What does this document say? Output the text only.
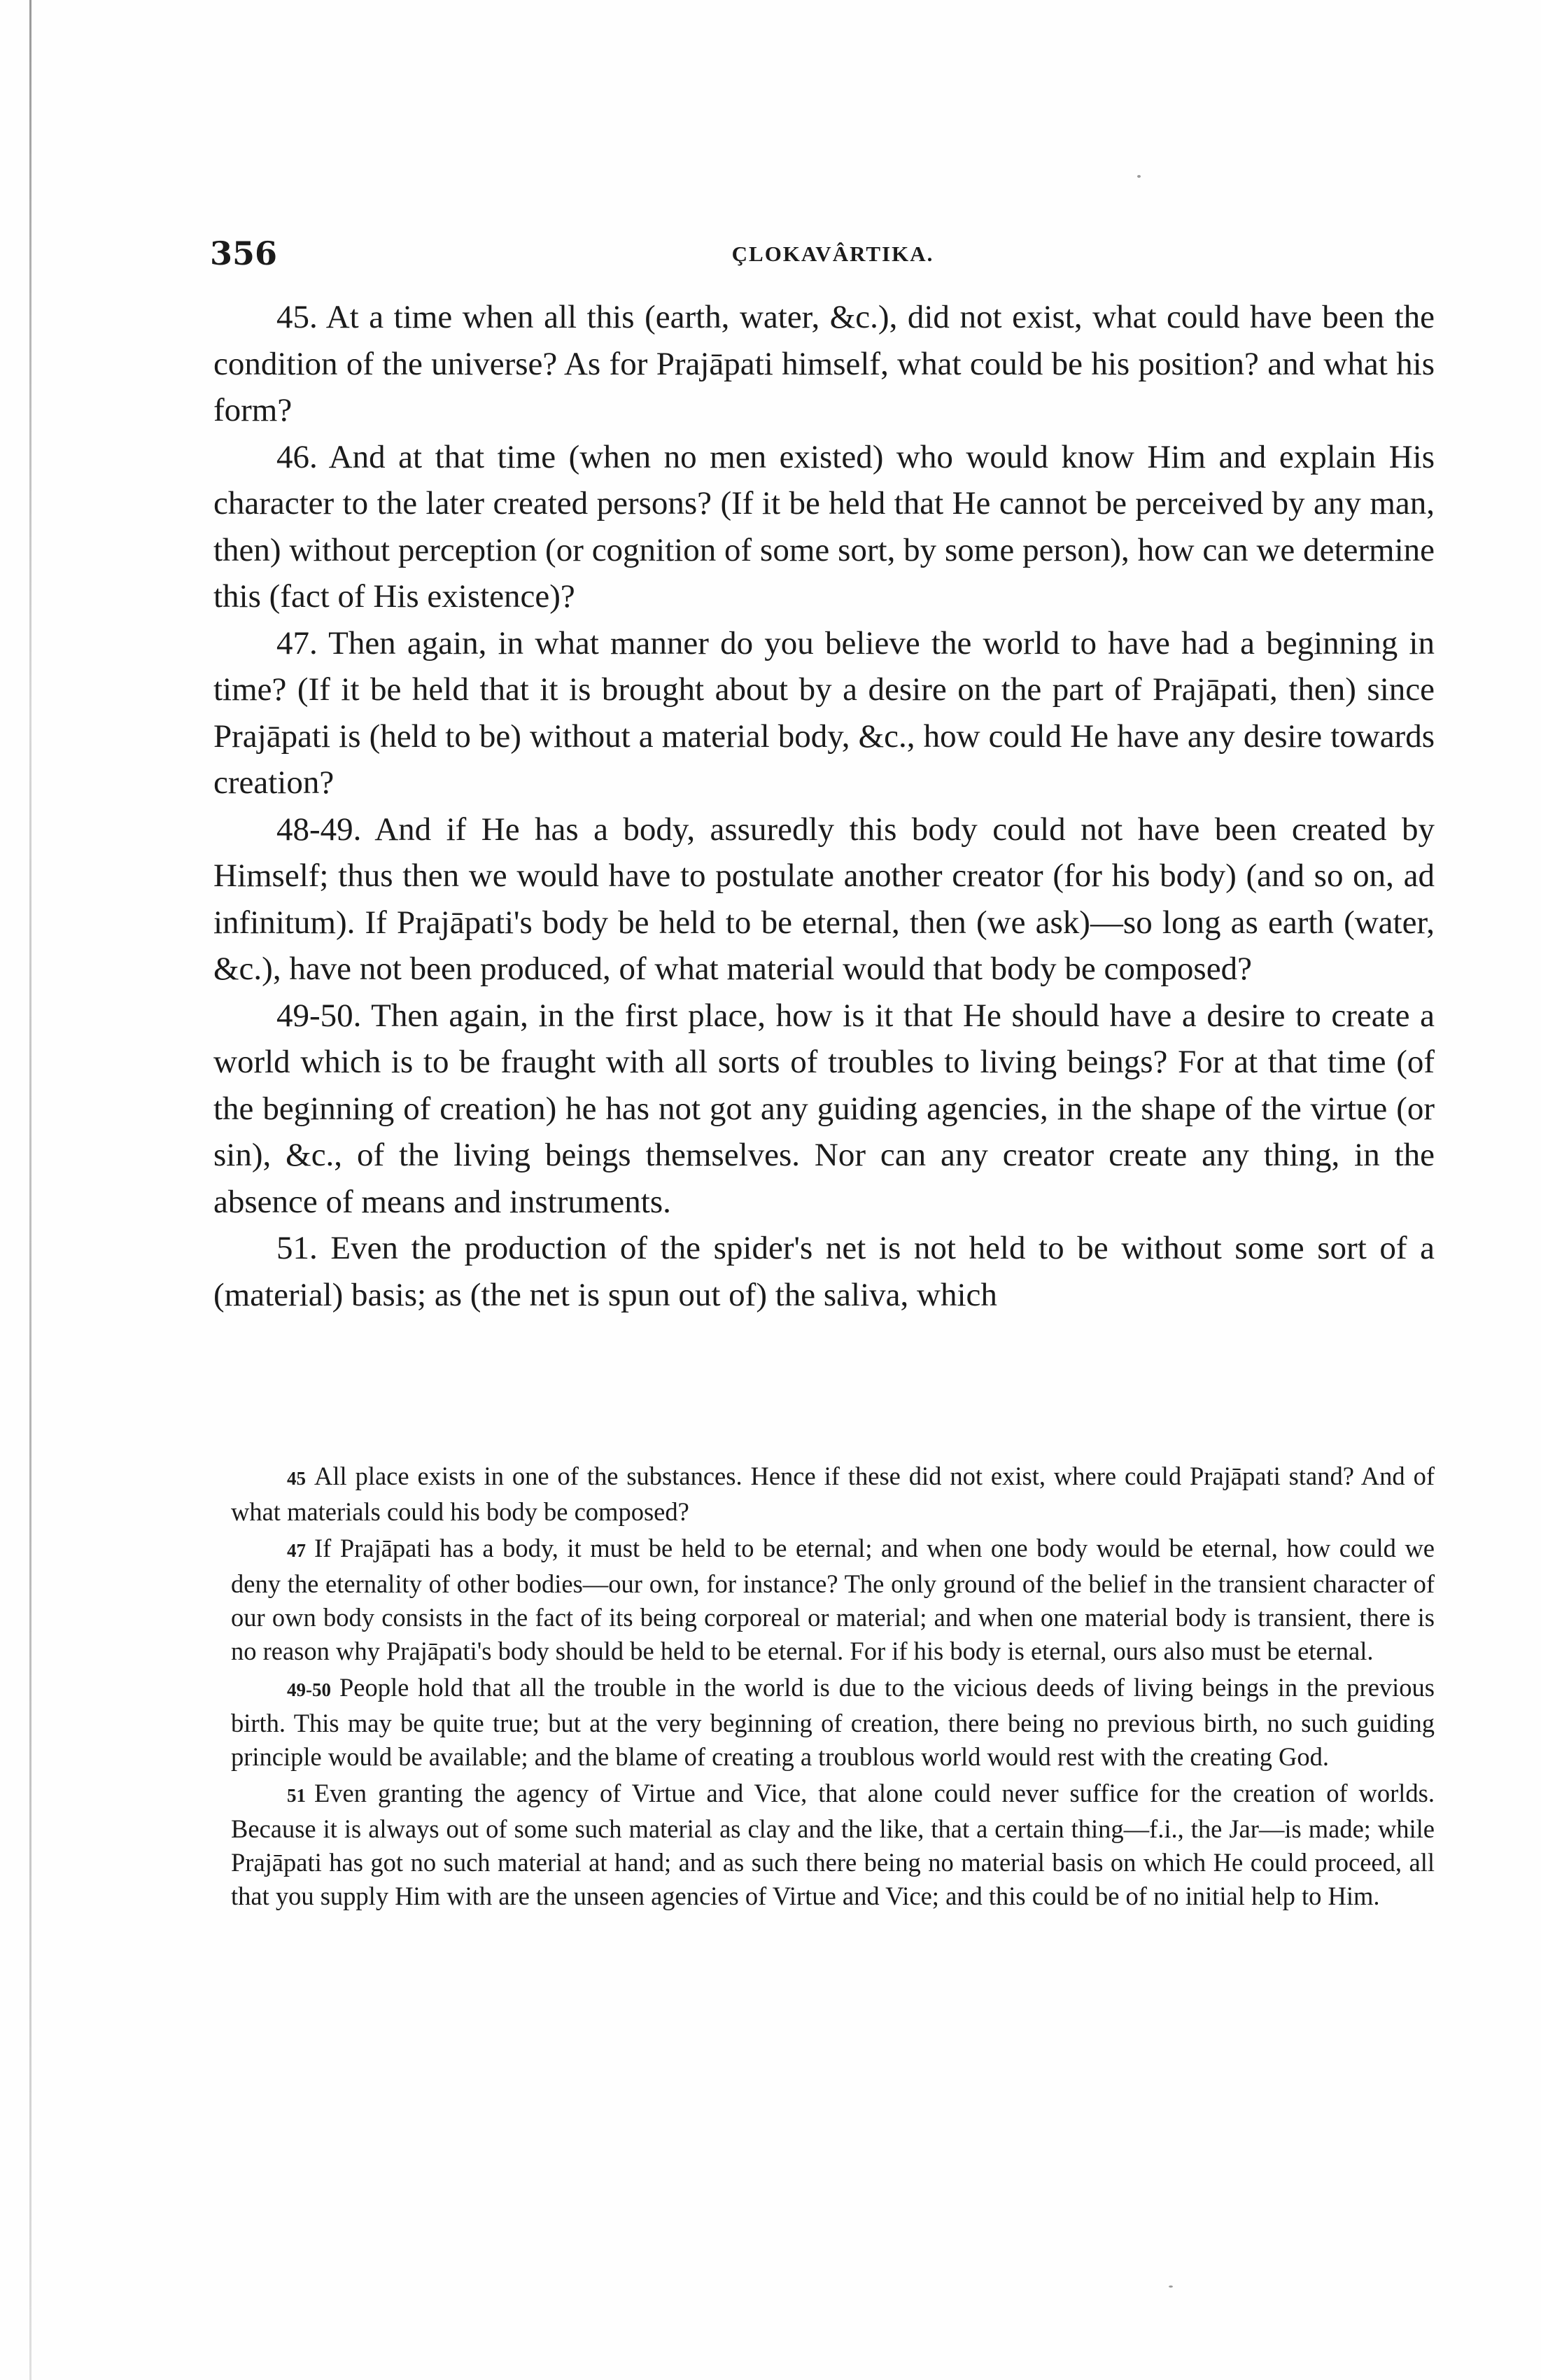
356	ÇLOKAVÂRTIKA.

45. At a time when all this (earth, water, &c.), did not exist, what could have been the condition of the universe? As for Prajāpati himself, what could be his position? and what his form?

46. And at that time (when no men existed) who would know Him and explain His character to the later created persons? (If it be held that He cannot be perceived by any man, then) without perception (or cognition of some sort, by some person), how can we determine this (fact of His existence)?

47. Then again, in what manner do you believe the world to have had a beginning in time? (If it be held that it is brought about by a desire on the part of Prajāpati, then) since Prajāpati is (held to be) without a material body, &c., how could He have any desire towards creation?

48-49. And if He has a body, assuredly this body could not have been created by Himself; thus then we would have to postulate another creator (for his body) (and so on, ad infinitum). If Prajāpati's body be held to be eternal, then (we ask)—so long as earth (water, &c.), have not been produced, of what material would that body be composed?

49-50. Then again, in the first place, how is it that He should have a desire to create a world which is to be fraught with all sorts of troubles to living beings? For at that time (of the beginning of creation) he has not got any guiding agencies, in the shape of the virtue (or sin), &c., of the living beings themselves. Nor can any creator create any thing, in the absence of means and instruments.

51. Even the production of the spider's net is not held to be without some sort of a (material) basis; as (the net is spun out of) the saliva, which

45 All place exists in one of the substances. Hence if these did not exist, where could Prajāpati stand? And of what materials could his body be composed?

47 If Prajāpati has a body, it must be held to be eternal; and when one body would be eternal, how could we deny the eternality of other bodies—our own, for instance? The only ground of the belief in the transient character of our own body consists in the fact of its being corporeal or material; and when one material body is transient, there is no reason why Prajāpati's body should be held to be eternal. For if his body is eternal, ours also must be eternal.

49-50 People hold that all the trouble in the world is due to the vicious deeds of living beings in the previous birth. This may be quite true; but at the very beginning of creation, there being no previous birth, no such guiding principle would be available; and the blame of creating a troublous world would rest with the creating God.

51 Even granting the agency of Virtue and Vice, that alone could never suffice for the creation of worlds. Because it is always out of some such material as clay and the like, that a certain thing—f.i., the Jar—is made; while Prajāpati has got no such material at hand; and as such there being no material basis on which He could proceed, all that you supply Him with are the unseen agencies of Virtue and Vice; and this could be of no initial help to Him.
